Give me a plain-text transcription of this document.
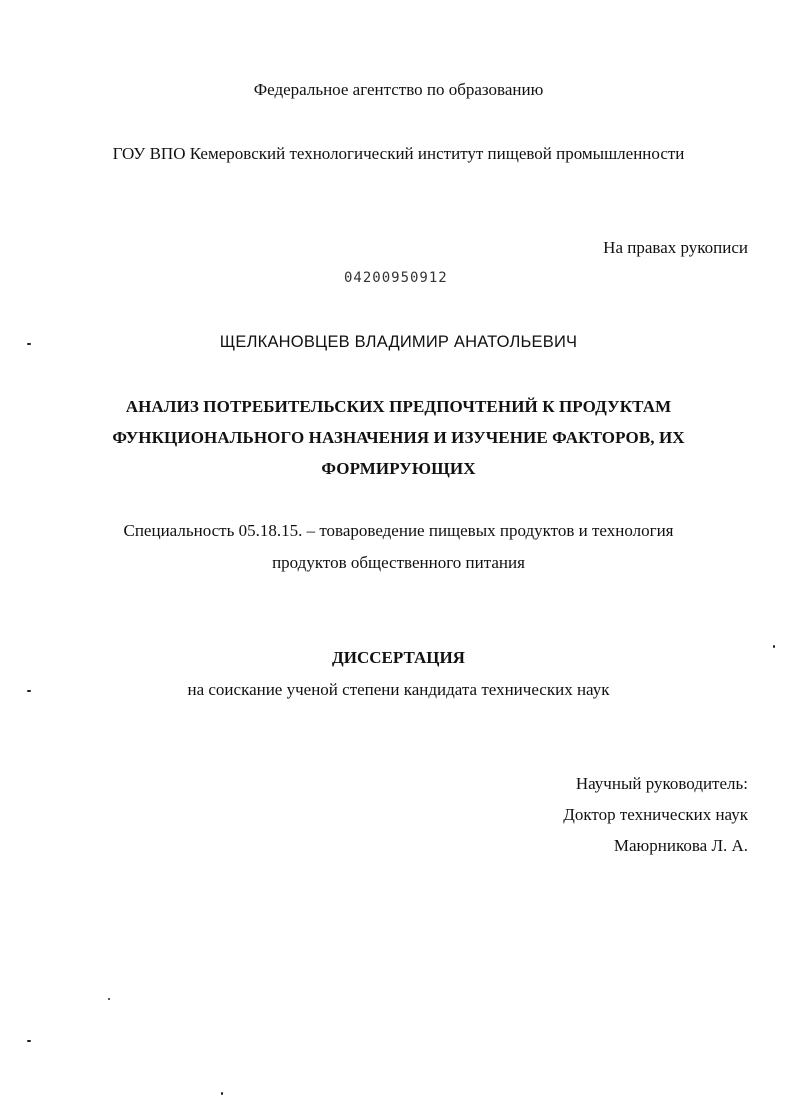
Федеральное агентство по образованию
ГОУ ВПО Кемеровский технологический институт пищевой промышленности
На правах рукописи
04200950912
ЩЕЛКАНОВЦЕВ ВЛАДИМИР АНАТОЛЬЕВИЧ
АНАЛИЗ ПОТРЕБИТЕЛЬСКИХ ПРЕДПОЧТЕНИЙ К ПРОДУКТАМ
ФУНКЦИОНАЛЬНОГО НАЗНАЧЕНИЯ И ИЗУЧЕНИЕ ФАКТОРОВ, ИХ
ФОРМИРУЮЩИХ
Специальность 05.18.15. – товароведение пищевых продуктов и технология
продуктов общественного питания
ДИССЕРТАЦИЯ
на соискание ученой степени кандидата технических наук
Научный руководитель:
Доктор технических наук
Маюрникова Л. А.
